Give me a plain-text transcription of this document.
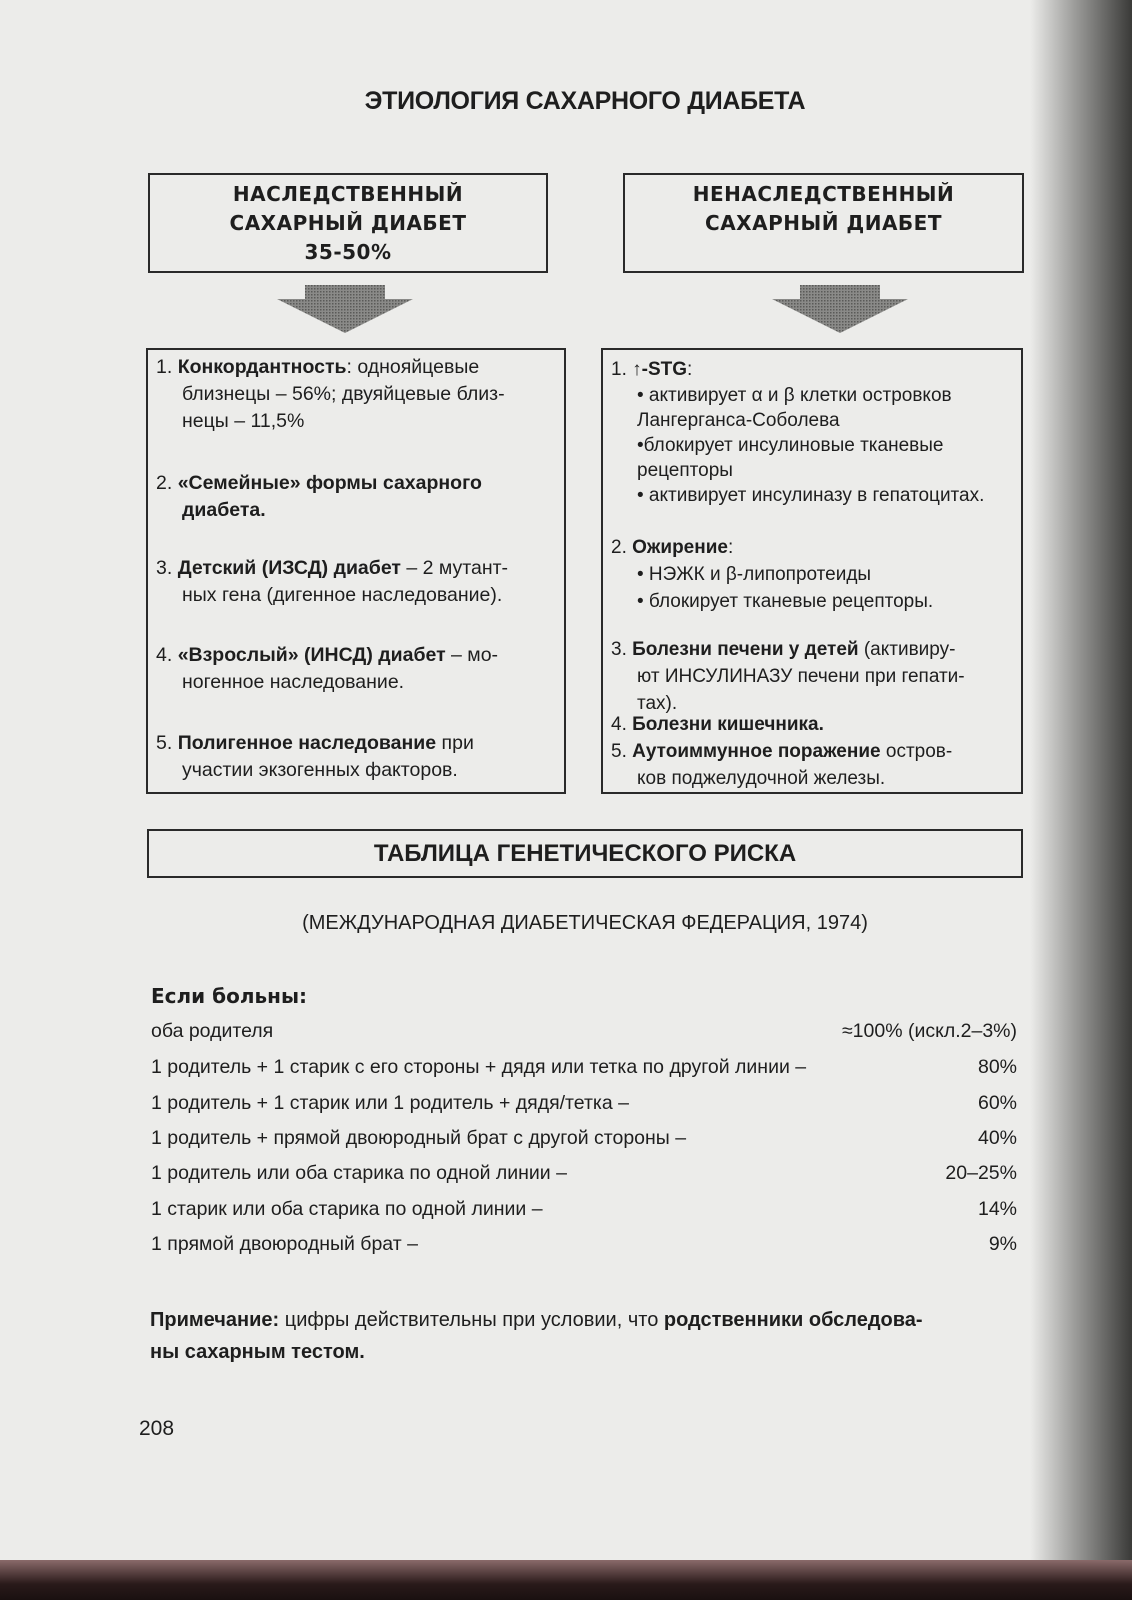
ЭТИОЛОГИЯ САХАРНОГО ДИАБЕТА
НАСЛЕДСТВЕННЫЙ
САХАРНЫЙ ДИАБЕТ
35-50%
НЕНАСЛЕДСТВЕННЫЙ
САХАРНЫЙ ДИАБЕТ
1. Конкордантность: однояйцевые
близнецы – 56%; двуяйцевые близ-
нецы – 11,5%
2. «Семейные» формы сахарного
диабета.
3. Детский (ИЗСД) диабет – 2 мутант-
ных гена (дигенное наследование).
4. «Взрослый» (ИНСД) диабет – мо-
ногенное наследование.
5. Полигенное наследование при
участии экзогенных факторов.
1. ↑-STG:
• активирует α и β клетки островков
Лангерганса-Соболева
•блокирует инсулиновые тканевые
рецепторы
• активирует инсулиназу в гепатоцитах.
2. Ожирение:
• НЭЖК и β-липопротеиды
• блокирует тканевые рецепторы.
3. Болезни печени у детей (активиру-
ют ИНСУЛИНАЗУ печени при гепати-
тах).
4. Болезни кишечника.
5. Аутоиммунное поражение остров-
ков поджелудочной железы.
ТАБЛИЦА ГЕНЕТИЧЕСКОГО РИСКА
(МЕЖДУНАРОДНАЯ ДИАБЕТИЧЕСКАЯ ФЕДЕРАЦИЯ, 1974)
Если больны:
оба родителя	≈100% (искл.2–3%)
1 родитель + 1 старик с его стороны + дядя или тетка по другой линии –	80%
1 родитель + 1 старик или 1 родитель + дядя/тетка –	60%
1 родитель + прямой двоюродный брат с другой стороны –	40%
1 родитель или оба старика по одной линии –	20–25%
1 старик или оба старика по одной линии –	14%
1 прямой двоюродный брат –	9%
Примечание: цифры действительны при условии, что родственники обследова-
ны сахарным тестом.
208
